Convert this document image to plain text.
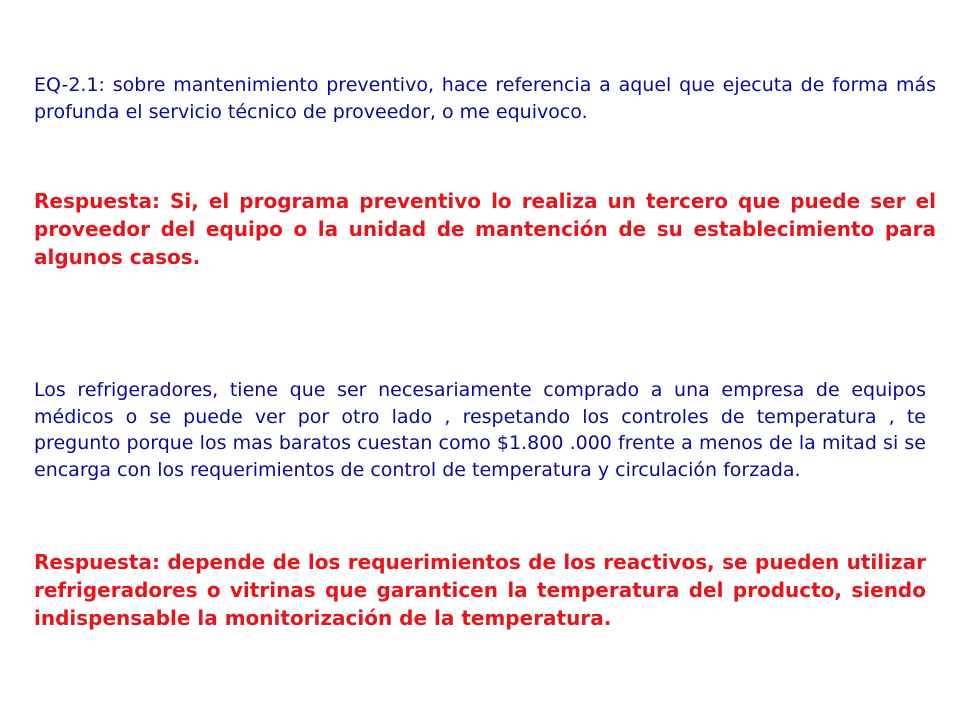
EQ-2.1: sobre mantenimiento preventivo, hace referencia a aquel que ejecuta de forma más profunda el servicio técnico de proveedor, o me equivoco.

Respuesta: Si, el programa preventivo lo realiza un tercero que puede ser el proveedor del equipo o la unidad de mantención de su establecimiento para algunos casos.

Los refrigeradores, tiene que ser necesariamente comprado a una empresa de equipos médicos o se puede ver por otro lado , respetando los controles de temperatura , te pregunto porque los mas baratos cuestan como $1.800 .000 frente a menos de la mitad si se encarga con los requerimientos de control de temperatura y circulación forzada.

Respuesta: depende de los requerimientos de los reactivos, se pueden utilizar refrigeradores o vitrinas que garanticen la temperatura del producto, siendo indispensable la monitorización de la temperatura.
